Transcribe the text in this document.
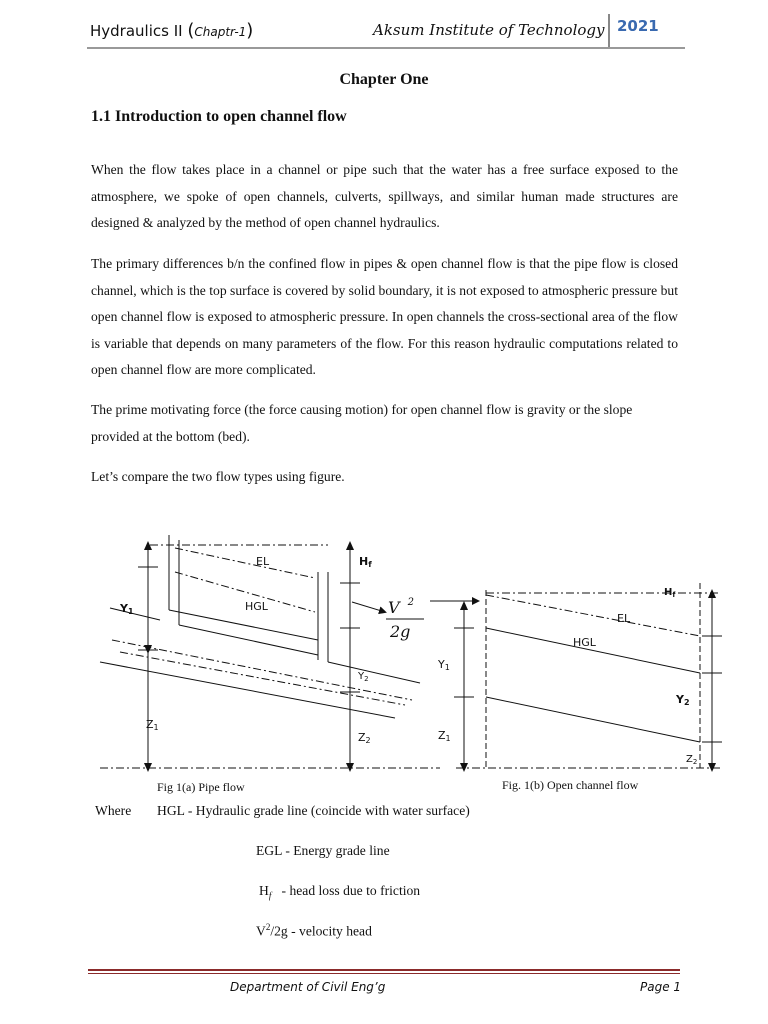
Hydraulics II (Chaptr-1)	Aksum Institute of Technology 2021
Chapter One
1.1 Introduction to open channel flow

When the flow takes place in a channel or pipe such that the water has a free surface exposed to the atmosphere, we spoke of open channels, culverts, spillways, and similar human made structures are designed & analyzed by the method of open channel hydraulics.

The primary differences b/n the confined flow in pipes & open channel flow is that the pipe flow is closed channel, which is the top surface is covered by solid boundary, it is not exposed to atmospheric pressure but open channel flow is exposed to atmospheric pressure. In open channels the cross-sectional area of the flow is variable that depends on many parameters of the flow. For this reason hydraulic computations related to open channel flow are more complicated.

The prime motivating force (the force causing motion) for open channel flow is gravity or the slope provided at the bottom (bed).

Let’s compare the two flow types using figure.

EL
HGL
Hf
Y1
$Y_2$
Z1
Z2
V $^2$
2g
$H_f$
EL
HGL
Y1
Y2
Z1
$Z_2$
Fig 1(a) Pipe flow	Fig. 1(b) Open channel flow
Where HGL - Hydraulic grade line (coincide with water surface)
EGL - Energy grade line
$H_f$   - head loss due to friction
$V^2/2g$ - velocity head
Department of Civil Eng’g	Page 1
